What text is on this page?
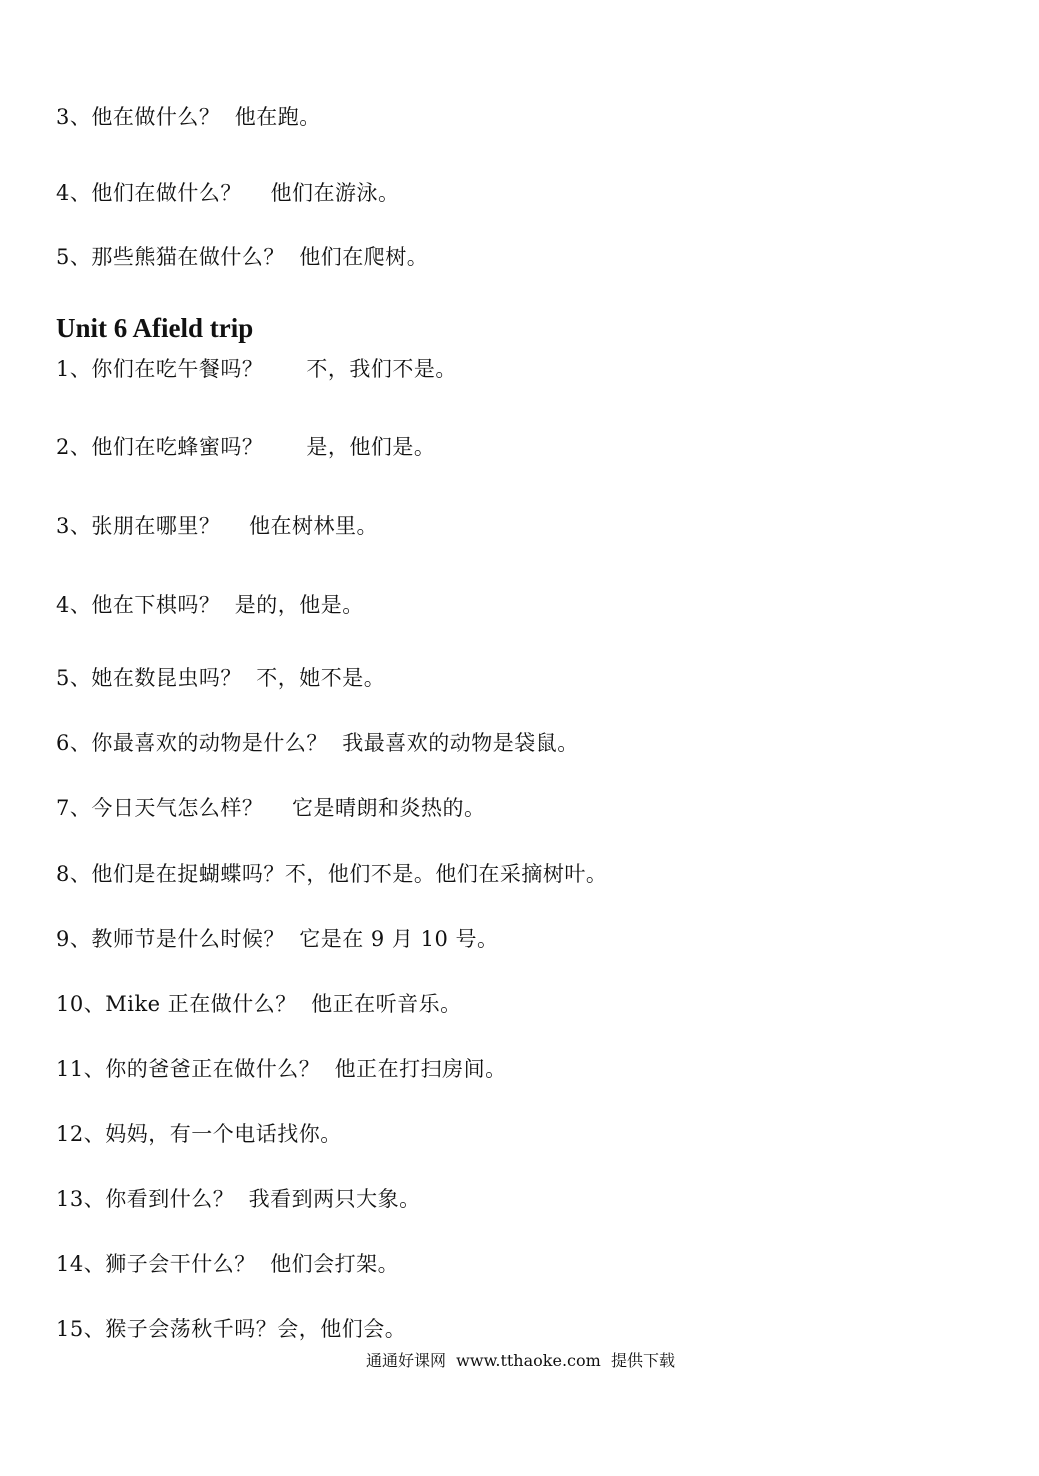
3、他在做什么？  他在跑。
4、他们在做什么？    他们在游泳。
5、那些熊猫在做什么？  他们在爬树。
Unit 6 Afield trip
1、你们在吃午餐吗？      不，我们不是。
2、他们在吃蜂蜜吗？      是，他们是。
3、张朋在哪里？    他在树林里。
4、他在下棋吗？  是的，他是。
5、她在数昆虫吗？  不，她不是。
6、你最喜欢的动物是什么？  我最喜欢的动物是袋鼠。
7、今日天气怎么样？    它是晴朗和炎热的。
8、他们是在捉蝴蝶吗？不，他们不是。他们在采摘树叶。
9、教师节是什么时候？  它是在 9 月 10 号。
10、Mike 正在做什么？  他正在听音乐。
11、你的爸爸正在做什么？  他正在打扫房间。
12、妈妈，有一个电话找你。
13、你看到什么？  我看到两只大象。
14、狮子会干什么？  他们会打架。
15、猴子会荡秋千吗？会，他们会。
通通好课网  www.tthaoke.com  提供下载
